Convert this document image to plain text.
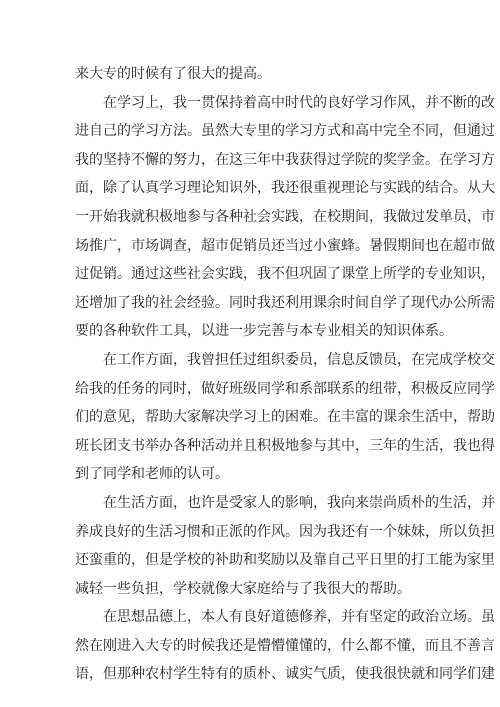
来大专的时候有了很大的提高。
在学习上，我一贯保持着高中时代的良好学习作风，并不断的改
进自己的学习方法。虽然大专里的学习方式和高中完全不同，但通过
我的坚持不懈的努力，在这三年中我获得过学院的奖学金。在学习方
面，除了认真学习理论知识外，我还很重视理论与实践的结合。从大
一开始我就积极地参与各种社会实践，在校期间，我做过发单员，市
场推广，市场调查，超市促销员还当过小蜜蜂。暑假期间也在超市做
过促销。通过这些社会实践，我不但巩固了课堂上所学的专业知识，
还增加了我的社会经验。同时我还利用课余时间自学了现代办公所需
要的各种软件工具，以进一步完善与本专业相关的知识体系。
在工作方面，我曾担任过组织委员，信息反馈员，在完成学校交
给我的任务的同时，做好班级同学和系部联系的纽带，积极反应同学
们的意见，帮助大家解决学习上的困难。在丰富的课余生活中，帮助
班长团支书举办各种活动并且积极地参与其中，三年的生活，我也得
到了同学和老师的认可。
在生活方面，也许是受家人的影响，我向来崇尚质朴的生活，并
养成良好的生活习惯和正派的作风。因为我还有一个妹妹，所以负担
还蛮重的，但是学校的补助和奖励以及靠自己平日里的打工能为家里
减轻一些负担，学校就像大家庭给与了我很大的帮助。
在思想品德上，本人有良好道德修养，并有坚定的政治立场。虽
然在刚进入大专的时候我还是懵懵懂懂的，什么都不懂，而且不善言
语，但那种农村学生特有的质朴、诚实气质，使我很快就和同学们建
